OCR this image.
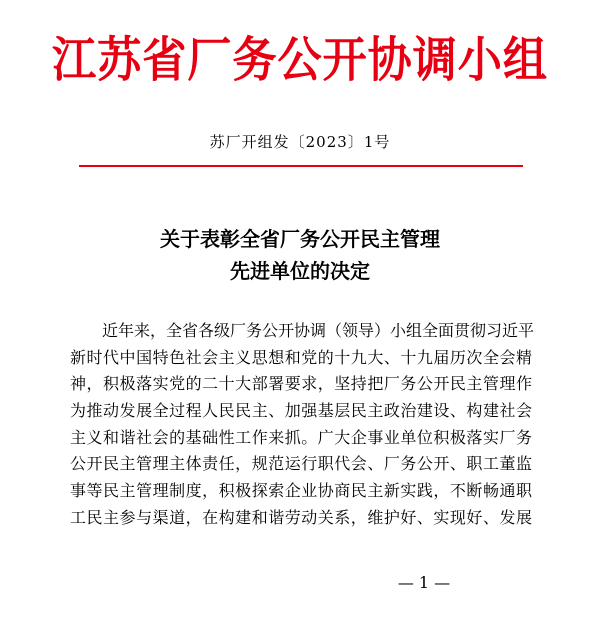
江苏省厂务公开协调小组
苏厂开组发〔2023〕1号
关于表彰全省厂务公开民主管理
先进单位的决定
近年来，全省各级厂务公开协调（领导）小组全面贯彻习近平
新时代中国特色社会主义思想和党的十九大、十九届历次全会精
神，积极落实党的二十大部署要求，坚持把厂务公开民主管理作
为推动发展全过程人民民主、加强基层民主政治建设、构建社会
主义和谐社会的基础性工作来抓。广大企事业单位积极落实厂务
公开民主管理主体责任，规范运行职代会、厂务公开、职工董监
事等民主管理制度，积极探索企业协商民主新实践，不断畅通职
工民主参与渠道，在构建和谐劳动关系，维护好、实现好、发展
— 1 —
